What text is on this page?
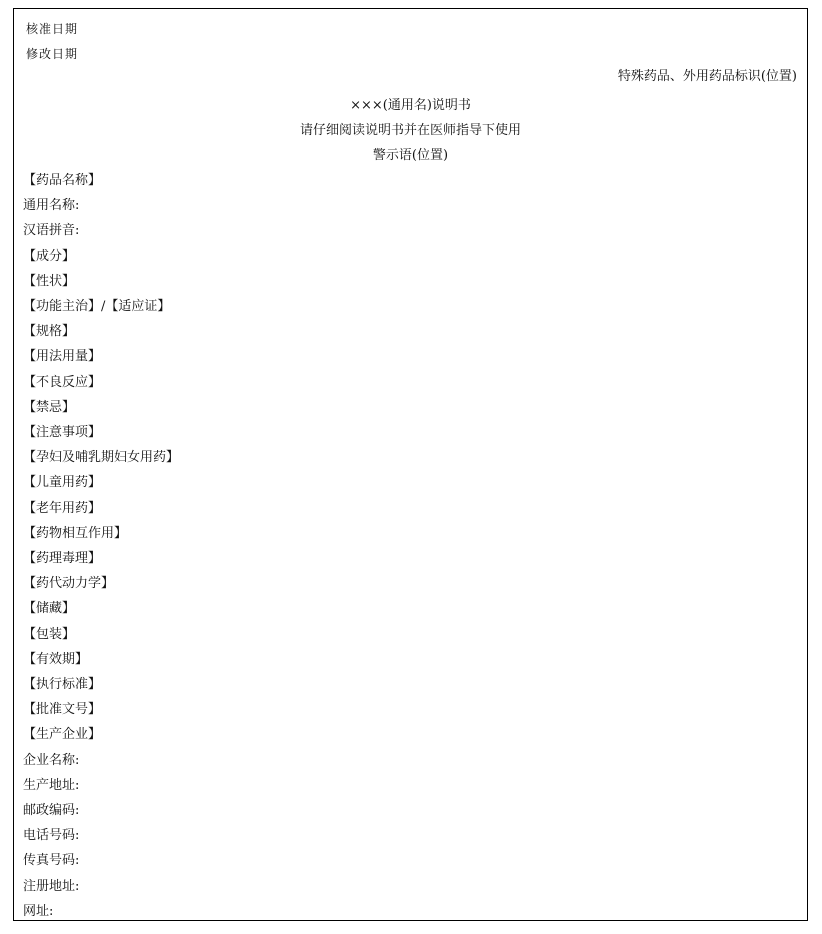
核准日期
修改日期
特殊药品、外用药品标识(位置)
×××(通用名)说明书
请仔细阅读说明书并在医师指导下使用
警示语(位置)
【药品名称】
通用名称:
汉语拼音:
【成分】
【性状】
【功能主治】/【适应证】
【规格】
【用法用量】
【不良反应】
【禁忌】
【注意事项】
【孕妇及哺乳期妇女用药】
【儿童用药】
【老年用药】
【药物相互作用】
【药理毒理】
【药代动力学】
【储藏】
【包装】
【有效期】
【执行标准】
【批准文号】
【生产企业】
企业名称:
生产地址:
邮政编码:
电话号码:
传真号码:
注册地址:
网址:
